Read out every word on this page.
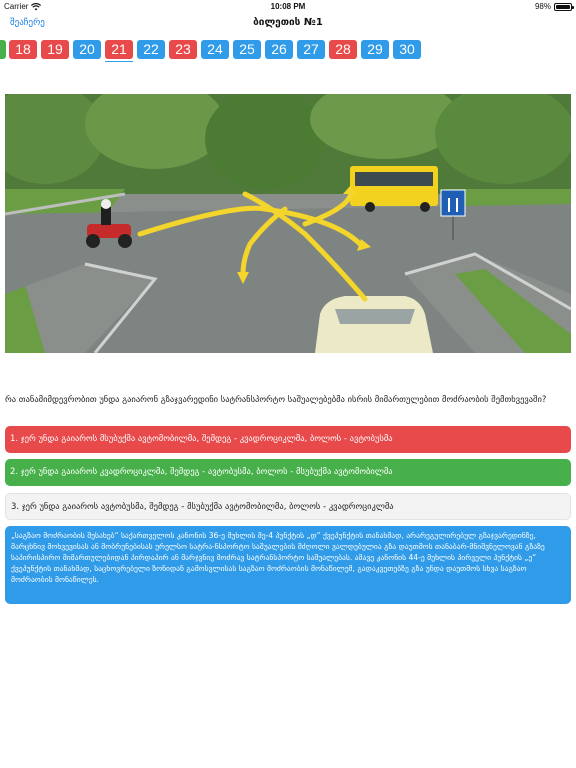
Carrier	10:08 PM	98%
შეაჩერე	ბილეთის №1
18	19	20	21	22	23	24	25	26	27	28	29	30
რა თანამიმდევრობით უნდა გაიარონ გზაჯვარედინი სატრანსპორტო საშუალებებმა ისრის მიმართულებით მოძრაობის შემთხვევაში?
1. ჯერ უნდა გაიაროს მსუბუქმა ავტომობილმა, შემდეგ - კვადროციკლმა, ბოლოს - ავტობუსმა
2. ჯერ უნდა გაიაროს კვადროციკლმა, შემდეგ - ავტობუსმა, ბოლოს - მსუბუქმა ავტომობილმა
3. ჯერ უნდა გაიაროს ავტობუსმა, შემდეგ - მსუბუქმა ავტომობილმა, ბოლოს - კვადროციკლმა
„საგზაო მოძრაობის შესახებ“ საქართველოს კანონის 36-ე მუხლის მე-4 პუნქტის „დ“ ქვეპუნქტის თანახმად, არარეგულირებულ გზაჯვარედინზე, მარცხნივ მოხვევისას ან მობრუნებისას ურელსო სატრა-ნსპორტო საშუალების მძღოლი ვალდებულია გზა დაუთმოს თანაბარ-მნიშვნელოვან გზაზე საპირისპირო მიმართულებიდან პირდაპირ ან მარჯვნივ მოძრავ სატრანსპორტო საშუალებას. ამავე კანონის 44-ე მუხლის პირველი პუნქტის „ე“ ქვეპუნქტის თანახმად, საცხოვრებელი ზონიდან გამოსვლისას საგზაო მოძრაობის მონაწილემ, გადაკვეთებზე გზა უნდა დაუთმოს სხვა საგზაო მოძრაობის მონაწილეს.
